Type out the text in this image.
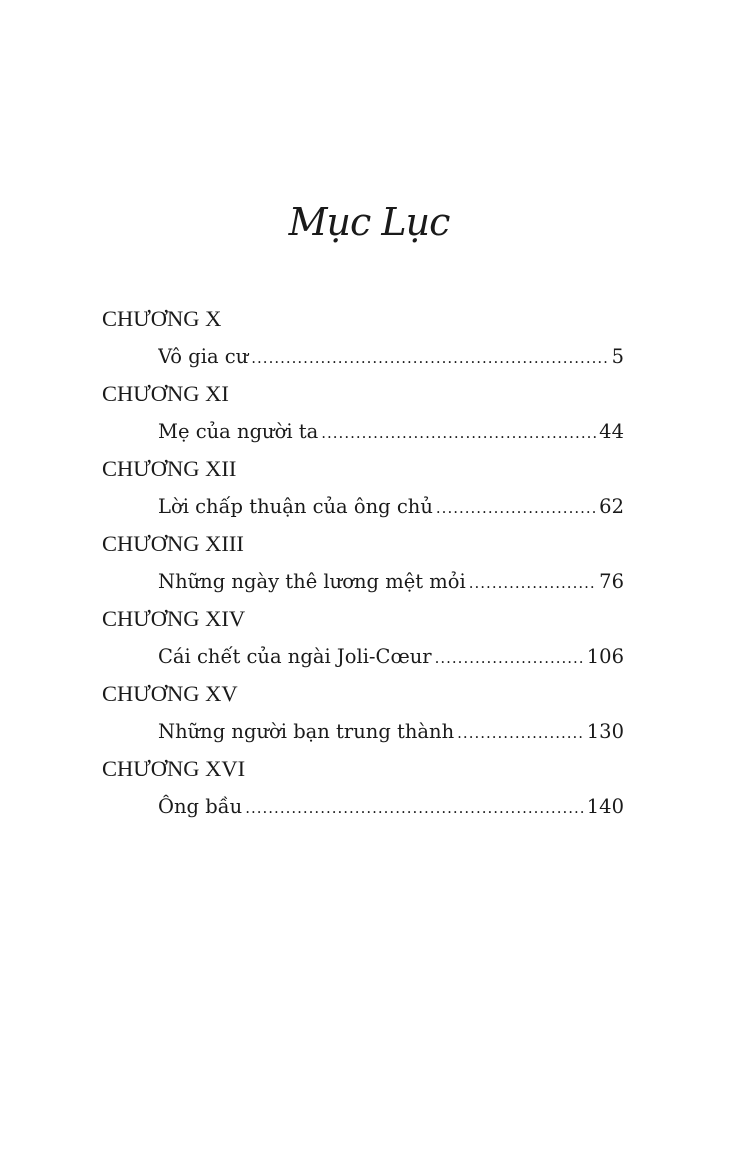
Mục Lục
CHƯƠNG X
Vô gia cư .....	5
CHƯƠNG XI
Mẹ của người ta .....	44
CHƯƠNG XII
Lời chấp thuận của ông chủ .....	62
CHƯƠNG XIII
Những ngày thê lương mệt mỏi .....	76
CHƯƠNG XIV
Cái chết của ngài Joli-Cœur .....	106
CHƯƠNG XV
Những người bạn trung thành .....	130
CHƯƠNG XVI
Ông bầu .....	140
